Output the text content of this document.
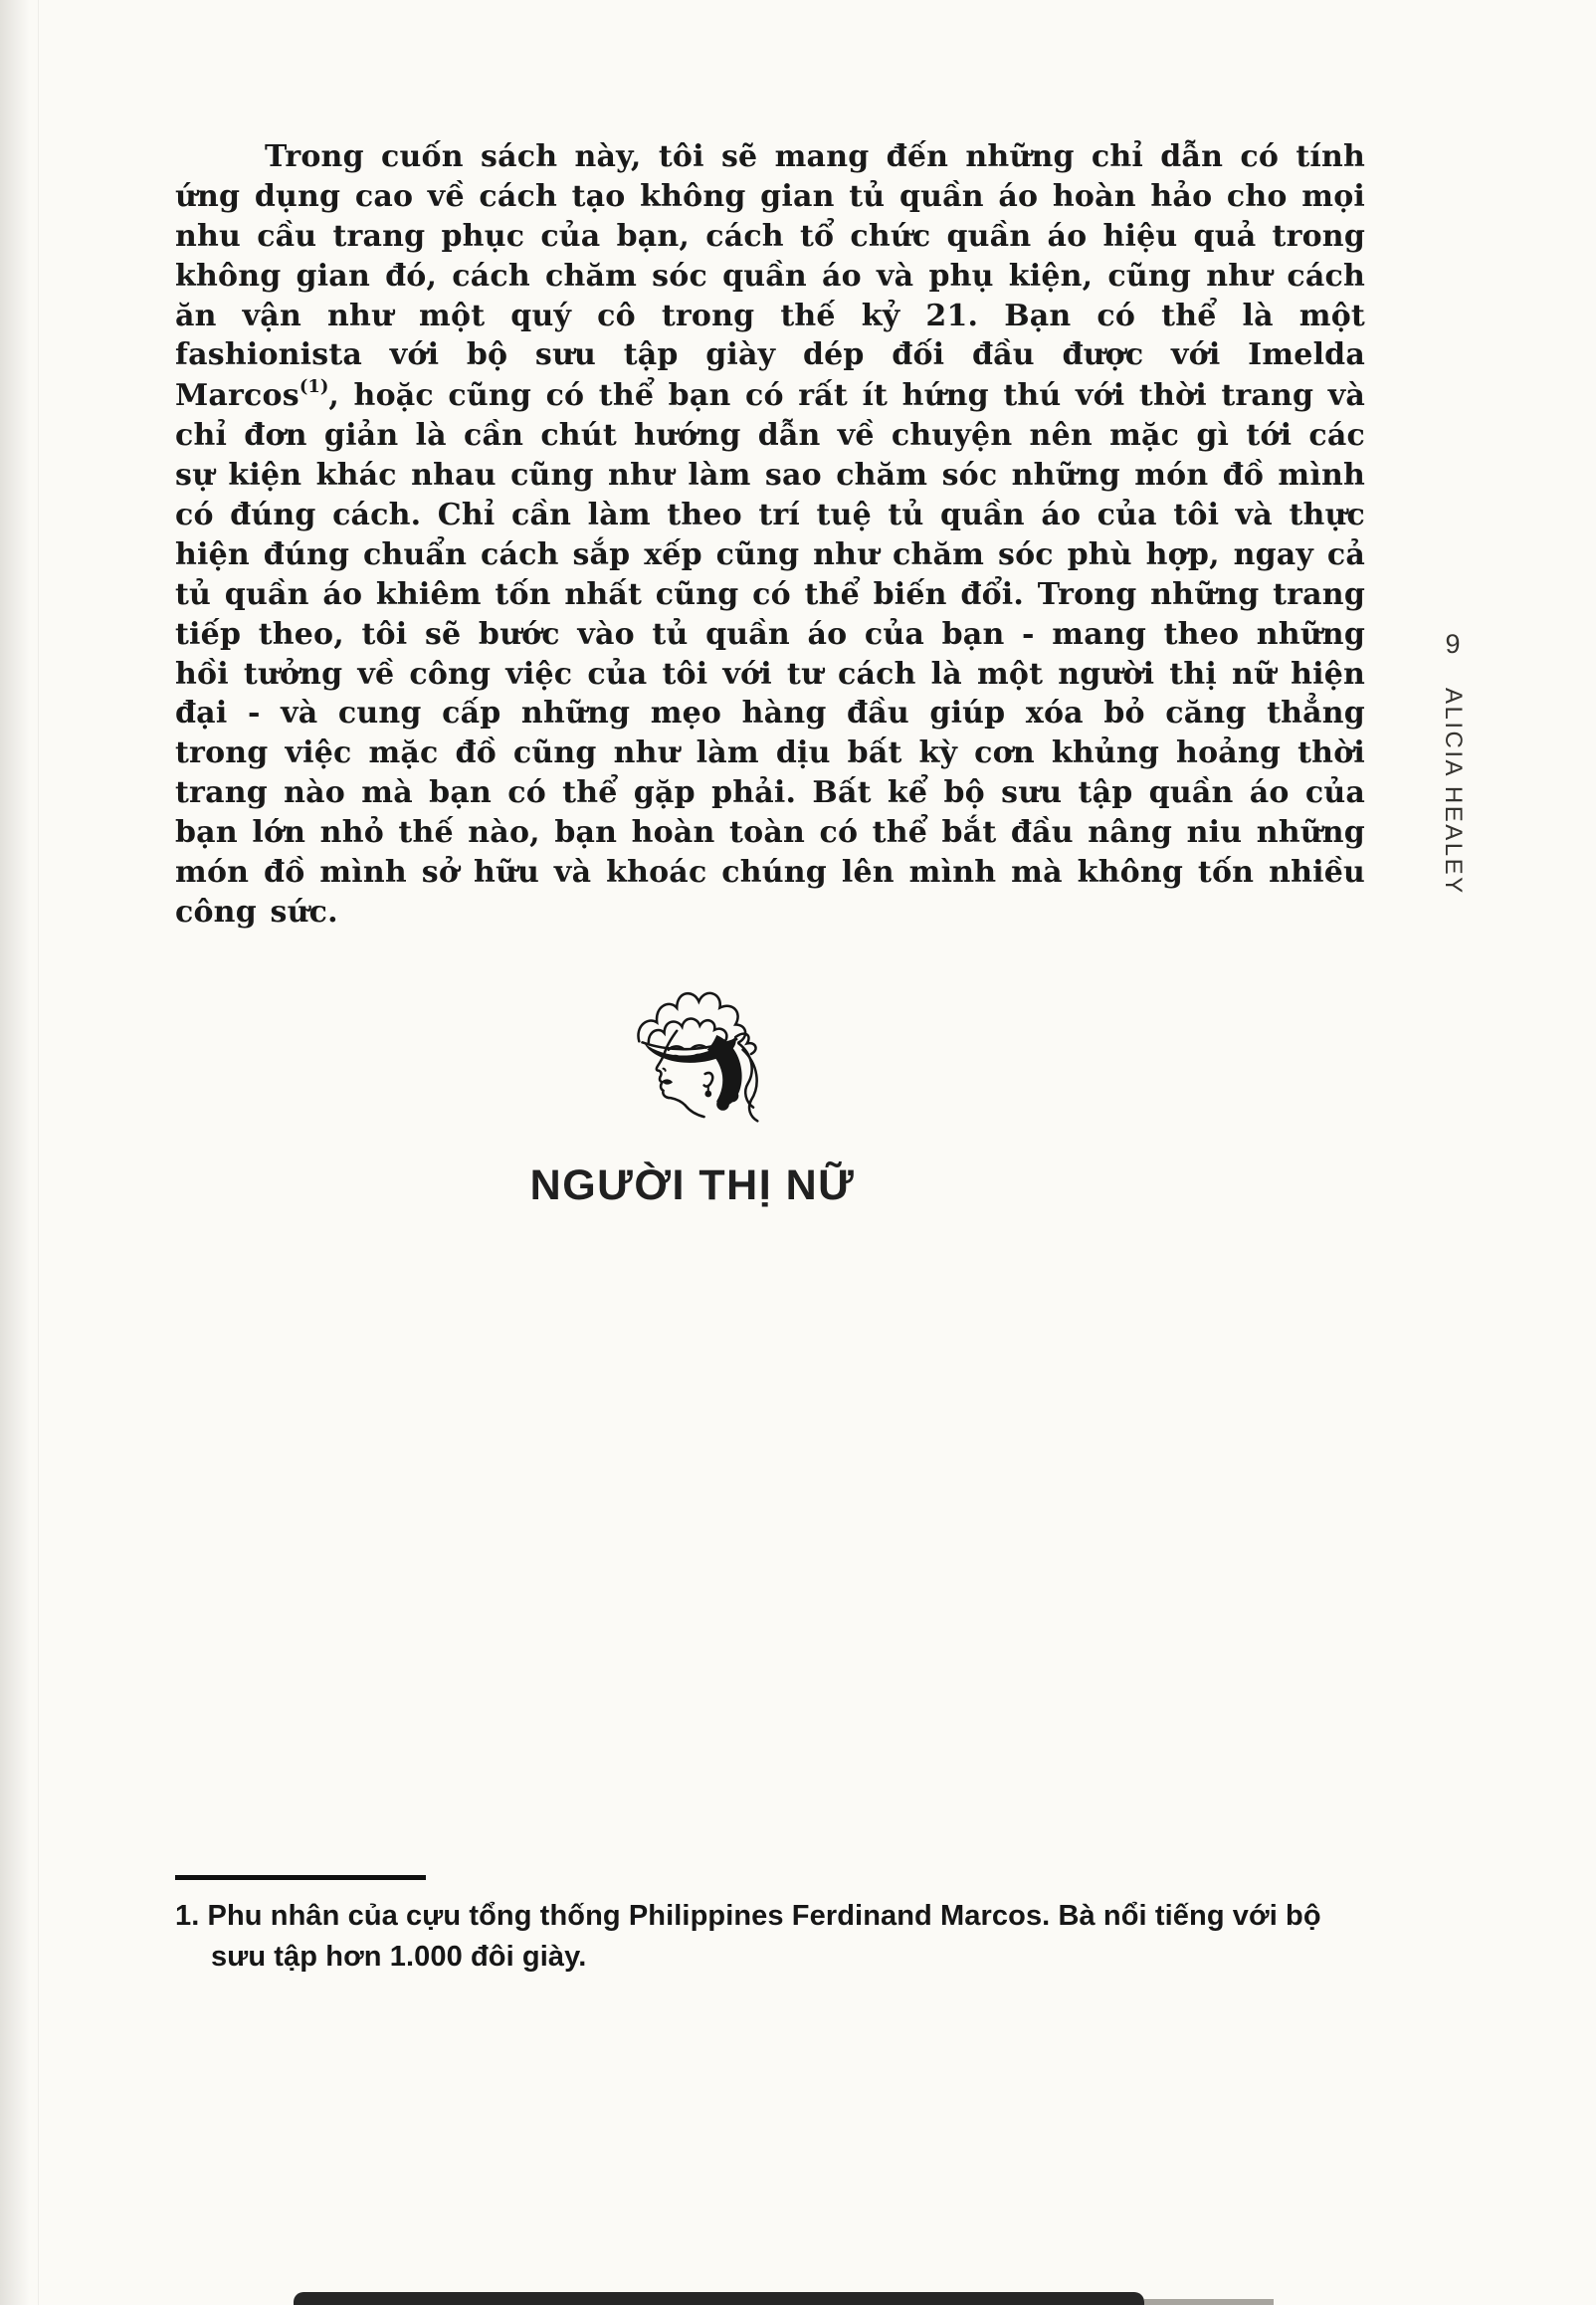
Trong cuốn sách này, tôi sẽ mang đến những chỉ dẫn có tính ứng dụng cao về cách tạo không gian tủ quần áo hoàn hảo cho mọi nhu cầu trang phục của bạn, cách tổ chức quần áo hiệu quả trong không gian đó, cách chăm sóc quần áo và phụ kiện, cũng như cách ăn vận như một quý cô trong thế kỷ 21. Bạn có thể là một fashionista với bộ sưu tập giày dép đối đầu được với Imelda Marcos$^{(1)}$, hoặc cũng có thể bạn có rất ít hứng thú với thời trang và chỉ đơn giản là cần chút hướng dẫn về chuyện nên mặc gì tới các sự kiện khác nhau cũng như làm sao chăm sóc những món đồ mình có đúng cách. Chỉ cần làm theo trí tuệ tủ quần áo của tôi và thực hiện đúng chuẩn cách sắp xếp cũng như chăm sóc phù hợp, ngay cả tủ quần áo khiêm tốn nhất cũng có thể biến đổi. Trong những trang tiếp theo, tôi sẽ bước vào tủ quần áo của bạn - mang theo những hồi tưởng về công việc của tôi với tư cách là một người thị nữ hiện đại - và cung cấp những mẹo hàng đầu giúp xóa bỏ căng thẳng trong việc mặc đồ cũng như làm dịu bất kỳ cơn khủng hoảng thời trang nào mà bạn có thể gặp phải. Bất kể bộ sưu tập quần áo của bạn lớn nhỏ thế nào, bạn hoàn toàn có thể bắt đầu nâng niu những món đồ mình sở hữu và khoác chúng lên mình mà không tốn nhiều công sức.

NGƯỜI THỊ NỮ
9
ALICIA HEALEY

1. Phu nhân của cựu tổng thống Philippines Ferdinand Marcos. Bà nổi tiếng với bộ sưu tập hơn 1.000 đôi giày.
